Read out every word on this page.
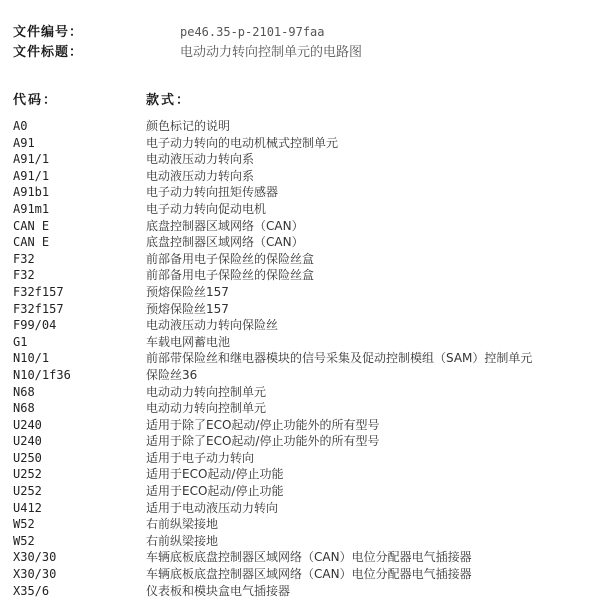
文件编号：	pe46.35-p-2101-97faa
文件标题：	电动动力转向控制单元的电路图
代码：	款式：
A0	颜色标记的说明
A91	电子动力转向的电动机械式控制单元
A91/1	电动液压动力转向系
A91/1	电动液压动力转向系
A91b1	电子动力转向扭矩传感器
A91m1	电子动力转向促动电机
CAN E	底盘控制器区域网络（CAN）
CAN E	底盘控制器区域网络（CAN）
F32	前部备用电子保险丝的保险丝盒
F32	前部备用电子保险丝的保险丝盒
F32f157	预熔保险丝157
F32f157	预熔保险丝157
F99/04	电动液压动力转向保险丝
G1	车载电网蓄电池
N10/1	前部带保险丝和继电器模块的信号采集及促动控制模组（SAM）控制单元
N10/1f36	保险丝36
N68	电动动力转向控制单元
N68	电动动力转向控制单元
U240	适用于除了ECO起动/停止功能外的所有型号
U240	适用于除了ECO起动/停止功能外的所有型号
U250	适用于电子动力转向
U252	适用于ECO起动/停止功能
U252	适用于ECO起动/停止功能
U412	适用于电动液压动力转向
W52	右前纵梁接地
W52	右前纵梁接地
X30/30	车辆底板底盘控制器区域网络（CAN）电位分配器电气插接器
X30/30	车辆底板底盘控制器区域网络（CAN）电位分配器电气插接器
X35/6	仪表板和模块盒电气插接器
